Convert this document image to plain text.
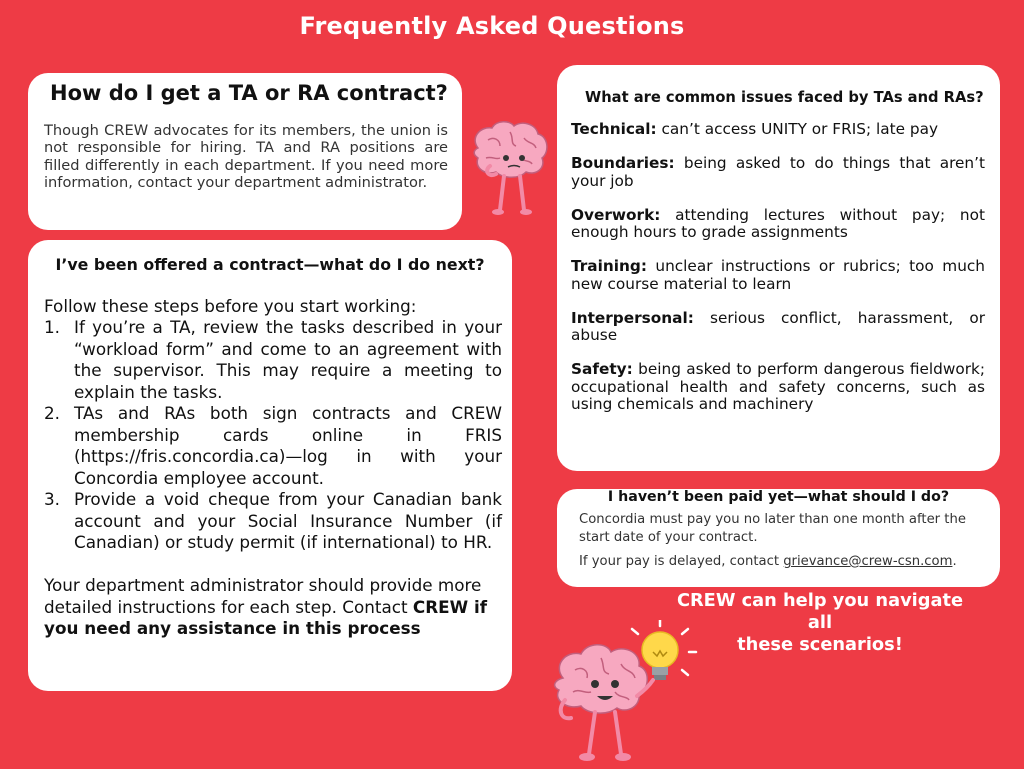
Frequently Asked Questions
How do I get a TA or RA contract?
Though CREW advocates for its members, the union is not responsible for hiring. TA and RA positions are filled differently in each department. If you need more information, contact your department administrator.
I’ve been offered a contract—what do I do next?
Follow these steps before you start working:
1. If you’re a TA, review the tasks described in your “workload form” and come to an agreement with the supervisor. This may require a meeting to explain the tasks.
2. TAs and RAs both sign contracts and CREW membership cards online in FRIS (https://fris.concordia.ca)—log in with your Concordia employee account.
3. Provide a void cheque from your Canadian bank account and your Social Insurance Number (if Canadian) or study permit (if international) to HR.
Your department administrator should provide more detailed instructions for each step. Contact CREW if you need any assistance in this process
What are common issues faced by TAs and RAs?
Technical: can’t access UNITY or FRIS; late pay
Boundaries: being asked to do things that aren’t your job
Overwork: attending lectures without pay; not enough hours to grade assignments
Training: unclear instructions or rubrics; too much new course material to learn
Interpersonal: serious conflict, harassment, or abuse
Safety: being asked to perform dangerous fieldwork; occupational health and safety concerns, such as using chemicals and machinery
I haven’t been paid yet—what should I do?

Concordia must pay you no later than one month after the start date of your contract.

If your pay is delayed, contact grievance@crew-csn.com.

CREW can help you navigate all
these scenarios!
